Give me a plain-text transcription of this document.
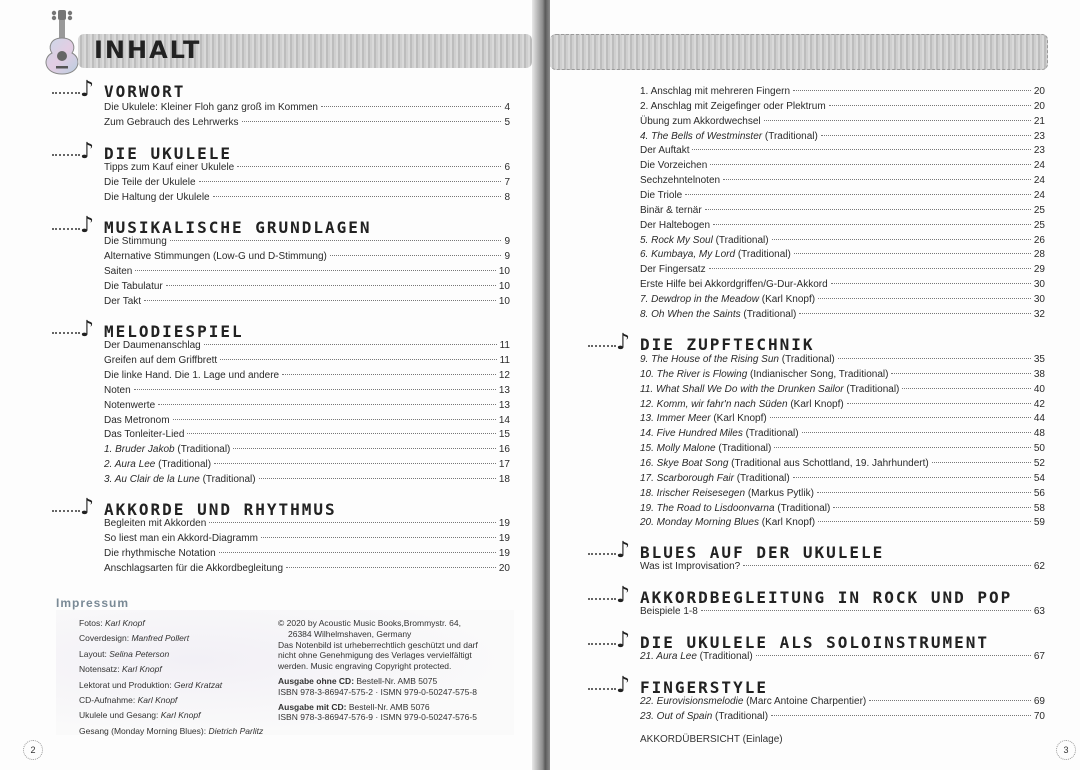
INHALT
♪ VORWORT
Die Ukulele: Kleiner Floh ganz groß im Kommen	4
Zum Gebrauch des Lehrwerks	5
♪ DIE UKULELE
Tipps zum Kauf einer Ukulele	6
Die Teile der Ukulele	7
Die Haltung der Ukulele	8
♪ MUSIKALISCHE GRUNDLAGEN
Die Stimmung	9
Alternative Stimmungen (Low-G und D-Stimmung)	9
Saiten	10
Die Tabulatur	10
Der Takt	10
♪ MELODIESPIEL
Der Daumenanschlag	11
Greifen auf dem Griffbrett	11
Die linke Hand. Die 1. Lage und andere	12
Noten	13
Notenwerte	13
Das Metronom	14
Das Tonleiter-Lied	15
1. Bruder Jakob (Traditional)	16
2. Aura Lee (Traditional)	17
3. Au Clair de la Lune (Traditional)	18
♪ AKKORDE UND RHYTHMUS
Begleiten mit Akkorden	19
So liest man ein Akkord-Diagramm	19
Die rhythmische Notation	19
Anschlagsarten für die Akkordbegleitung	20
Impressum
Fotos: Karl Knopf
Coverdesign: Manfred Pollert
Layout: Selina Peterson
Notensatz: Karl Knopf
Lektorat und Produktion: Gerd Kratzat
CD-Aufnahme: Karl Knopf
Ukulele und Gesang: Karl Knopf
Gesang (Monday Morning Blues): Dietrich Parlitz
© 2020 by Acoustic Music Books,Brommystr. 64,
26384 Wilhelmshaven, Germany
Das Notenbild ist urheberrechtlich geschützt und darf
nicht ohne Genehmigung des Verlages vervielfältigt
werden. Music engraving Copyright protected.
Ausgabe ohne CD: Bestell-Nr. AMB 5075
ISBN 978-3-86947-575-2 · ISMN 979-0-50247-575-8
Ausgabe mit CD: Bestell-Nr. AMB 5076
ISBN 978-3-86947-576-9 · ISMN 979-0-50247-576-5
2
1. Anschlag mit mehreren Fingern	20
2. Anschlag mit Zeigefinger oder Plektrum	20
Übung zum Akkordwechsel	21
4. The Bells of Westminster (Traditional)	23
Der Auftakt	23
Die Vorzeichen	24
Sechzehntelnoten	24
Die Triole	24
Binär & ternär	25
Der Haltebogen	25
5. Rock My Soul (Traditional)	26
6. Kumbaya, My Lord (Traditional)	28
Der Fingersatz	29
Erste Hilfe bei Akkordgriffen/G-Dur-Akkord	30
7. Dewdrop in the Meadow (Karl Knopf)	30
8. Oh When the Saints (Traditional)	32
♪ DIE ZUPFTECHNIK
9. The House of the Rising Sun (Traditional)	35
10. The River is Flowing (Indianischer Song, Traditional)	38
11. What Shall We Do with the Drunken Sailor (Traditional)	40
12. Komm, wir fahr'n nach Süden (Karl Knopf)	42
13. Immer Meer (Karl Knopf)	44
14. Five Hundred Miles (Traditional)	48
15. Molly Malone (Traditional)	50
16. Skye Boat Song (Traditional aus Schottland, 19. Jahrhundert)	52
17. Scarborough Fair (Traditional)	54
18. Irischer Reisesegen (Markus Pytlik)	56
19. The Road to Lisdoonvarna (Traditional)	58
20. Monday Morning Blues (Karl Knopf)	59
♪ BLUES AUF DER UKULELE
Was ist Improvisation?	62
♪ AKKORDBEGLEITUNG IN ROCK UND POP
Beispiele 1-8	63
♪ DIE UKULELE ALS SOLOINSTRUMENT
21. Aura Lee (Traditional)	67
♪ FINGERSTYLE
22. Eurovisionsmelodie (Marc Antoine Charpentier)	69
23. Out of Spain (Traditional)	70
AKKORDÜBERSICHT (Einlage)
3
